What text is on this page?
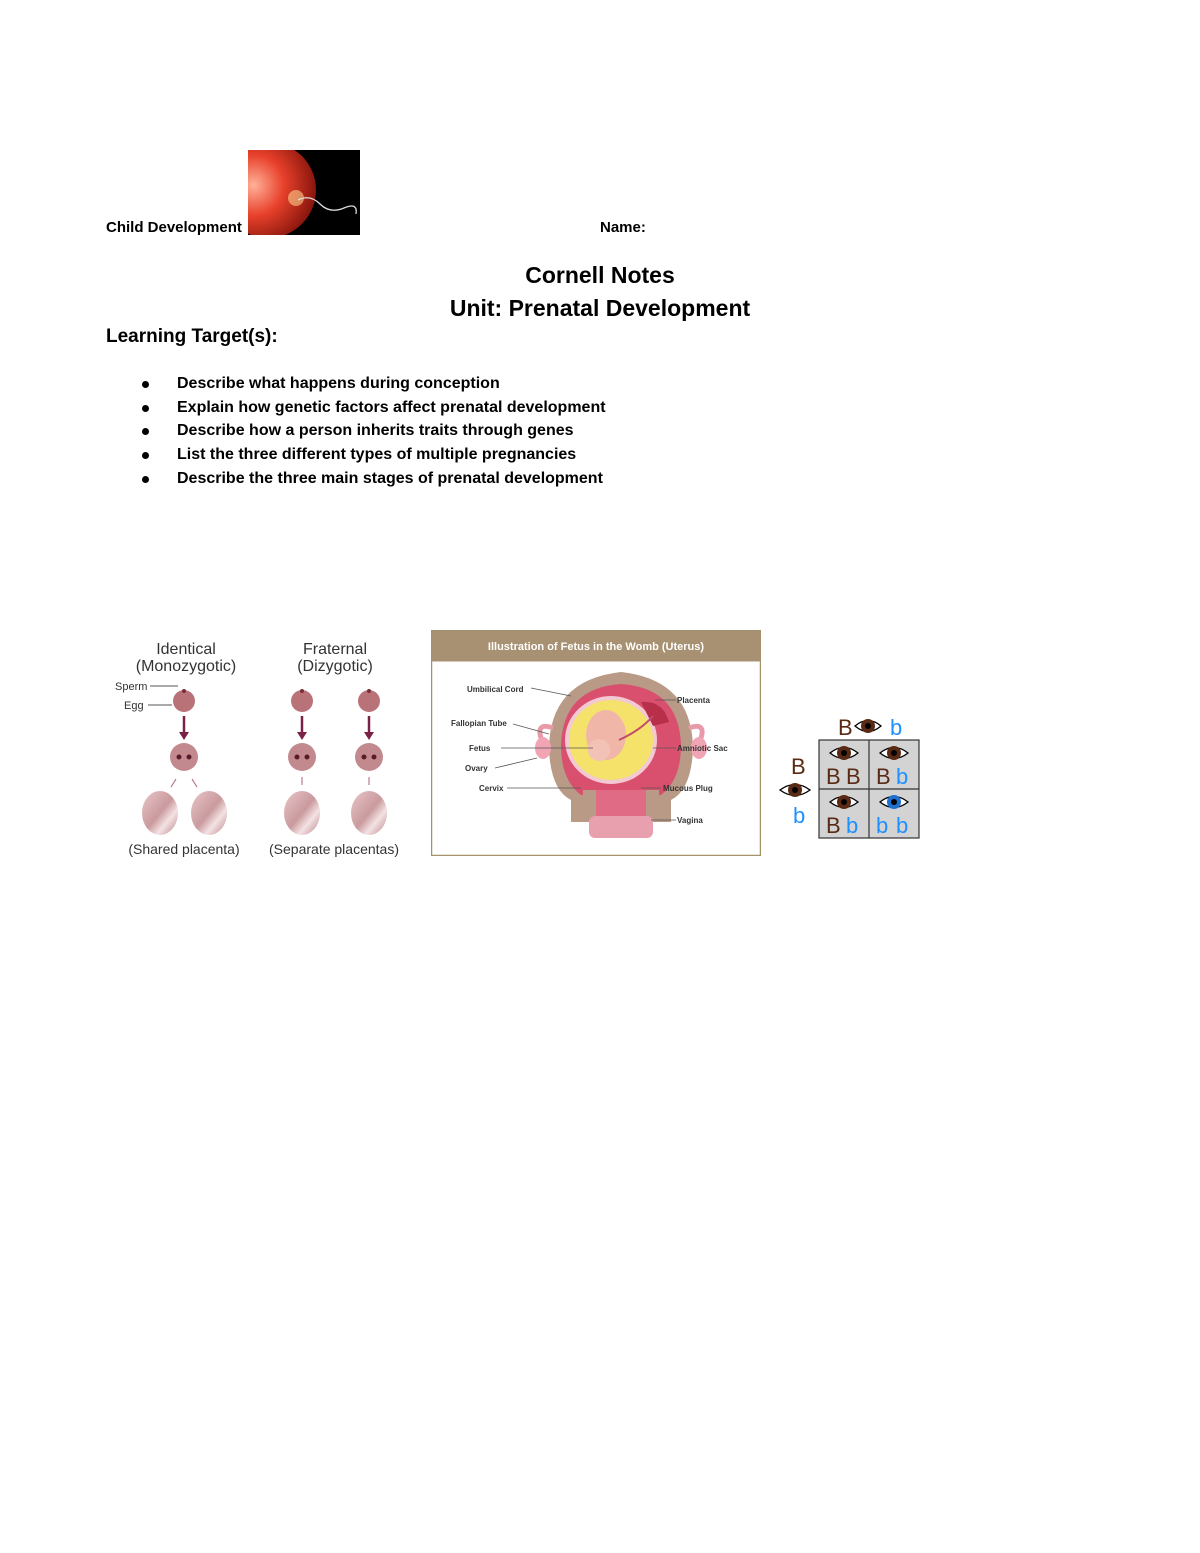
Child Development	Name:
Cornell Notes
Unit: Prenatal Development
Learning Target(s):
Describe what happens during conception
Explain how genetic factors affect prenatal development
Describe how a person inherits traits through genes
List the three different types of multiple pregnancies
Describe the three main stages of prenatal development
Identical
(Monozygotic)
Fraternal
(Dizygotic)
Sperm
Egg
(Shared placenta) (Separate placentas)
Illustration of Fetus in the Womb (Uterus)
Umbilical Cord
Fallopian Tube
Fetus
Ovary
Cervix
Placenta
Amniotic Sac
Mucous Plug
Vagina
B b
B
b
B B B b
B b b b
